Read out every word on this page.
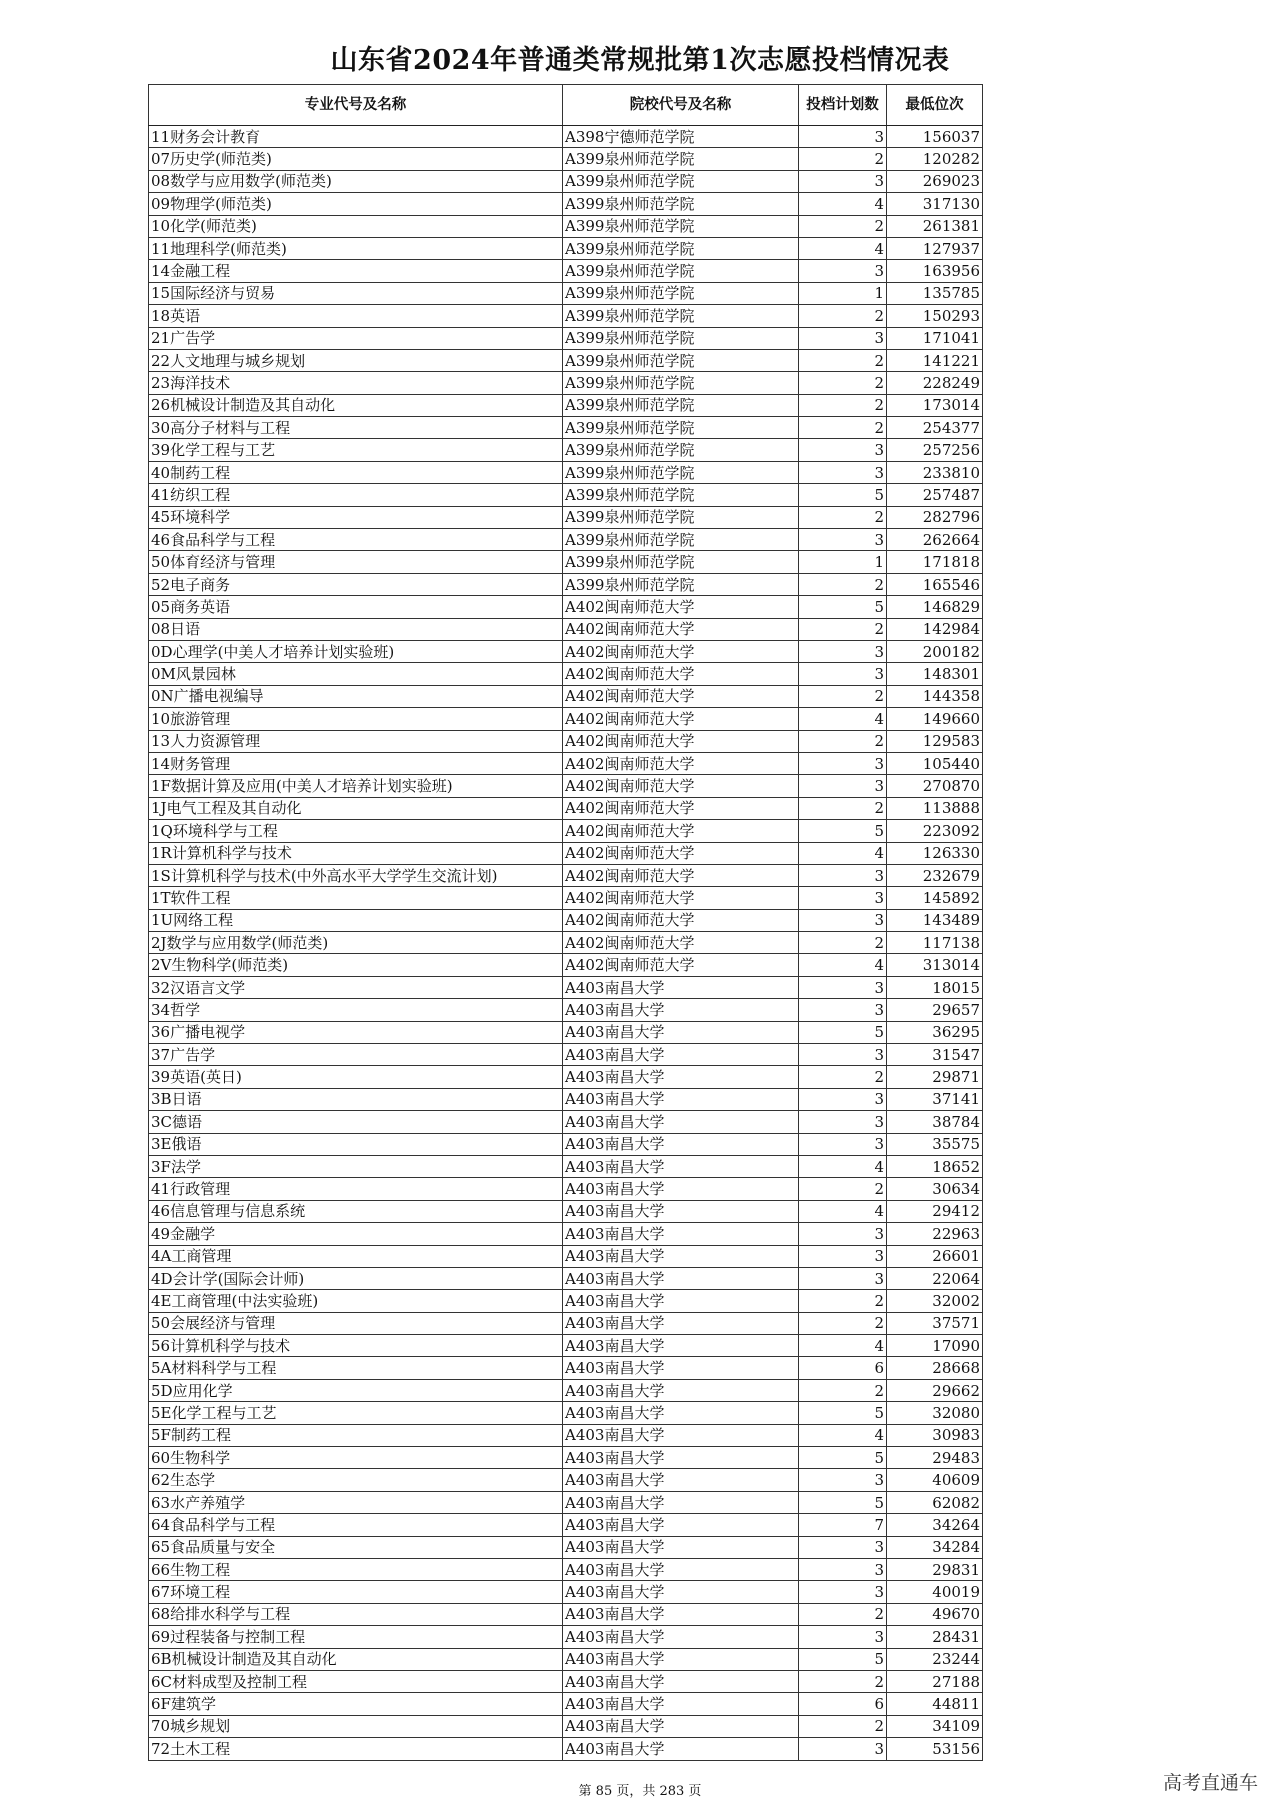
山东省2024年普通类常规批第1次志愿投档情况表
专业代号及名称	院校代号及名称	投档计划数	最低位次
11财务会计教育	A398宁德师范学院	3	156037
07历史学(师范类)	A399泉州师范学院	2	120282
08数学与应用数学(师范类)	A399泉州师范学院	3	269023
09物理学(师范类)	A399泉州师范学院	4	317130
10化学(师范类)	A399泉州师范学院	2	261381
11地理科学(师范类)	A399泉州师范学院	4	127937
14金融工程	A399泉州师范学院	3	163956
15国际经济与贸易	A399泉州师范学院	1	135785
18英语	A399泉州师范学院	2	150293
21广告学	A399泉州师范学院	3	171041
22人文地理与城乡规划	A399泉州师范学院	2	141221
23海洋技术	A399泉州师范学院	2	228249
26机械设计制造及其自动化	A399泉州师范学院	2	173014
30高分子材料与工程	A399泉州师范学院	2	254377
39化学工程与工艺	A399泉州师范学院	3	257256
40制药工程	A399泉州师范学院	3	233810
41纺织工程	A399泉州师范学院	5	257487
45环境科学	A399泉州师范学院	2	282796
46食品科学与工程	A399泉州师范学院	3	262664
50体育经济与管理	A399泉州师范学院	1	171818
52电子商务	A399泉州师范学院	2	165546
05商务英语	A402闽南师范大学	5	146829
08日语	A402闽南师范大学	2	142984
0D心理学(中美人才培养计划实验班)	A402闽南师范大学	3	200182
0M风景园林	A402闽南师范大学	3	148301
0N广播电视编导	A402闽南师范大学	2	144358
10旅游管理	A402闽南师范大学	4	149660
13人力资源管理	A402闽南师范大学	2	129583
14财务管理	A402闽南师范大学	3	105440
1F数据计算及应用(中美人才培养计划实验班)	A402闽南师范大学	3	270870
1J电气工程及其自动化	A402闽南师范大学	2	113888
1Q环境科学与工程	A402闽南师范大学	5	223092
1R计算机科学与技术	A402闽南师范大学	4	126330
1S计算机科学与技术(中外高水平大学学生交流计划)	A402闽南师范大学	3	232679
1T软件工程	A402闽南师范大学	3	145892
1U网络工程	A402闽南师范大学	3	143489
2J数学与应用数学(师范类)	A402闽南师范大学	2	117138
2V生物科学(师范类)	A402闽南师范大学	4	313014
32汉语言文学	A403南昌大学	3	18015
34哲学	A403南昌大学	3	29657
36广播电视学	A403南昌大学	5	36295
37广告学	A403南昌大学	3	31547
39英语(英日)	A403南昌大学	2	29871
3B日语	A403南昌大学	3	37141
3C德语	A403南昌大学	3	38784
3E俄语	A403南昌大学	3	35575
3F法学	A403南昌大学	4	18652
41行政管理	A403南昌大学	2	30634
46信息管理与信息系统	A403南昌大学	4	29412
49金融学	A403南昌大学	3	22963
4A工商管理	A403南昌大学	3	26601
4D会计学(国际会计师)	A403南昌大学	3	22064
4E工商管理(中法实验班)	A403南昌大学	2	32002
50会展经济与管理	A403南昌大学	2	37571
56计算机科学与技术	A403南昌大学	4	17090
5A材料科学与工程	A403南昌大学	6	28668
5D应用化学	A403南昌大学	2	29662
5E化学工程与工艺	A403南昌大学	5	32080
5F制药工程	A403南昌大学	4	30983
60生物科学	A403南昌大学	5	29483
62生态学	A403南昌大学	3	40609
63水产养殖学	A403南昌大学	5	62082
64食品科学与工程	A403南昌大学	7	34264
65食品质量与安全	A403南昌大学	3	34284
66生物工程	A403南昌大学	3	29831
67环境工程	A403南昌大学	3	40019
68给排水科学与工程	A403南昌大学	2	49670
69过程装备与控制工程	A403南昌大学	3	28431
6B机械设计制造及其自动化	A403南昌大学	5	23244
6C材料成型及控制工程	A403南昌大学	2	27188
6F建筑学	A403南昌大学	6	44811
70城乡规划	A403南昌大学	2	34109
72土木工程	A403南昌大学	3	53156
第 85 页，共 283 页	高考直通车
